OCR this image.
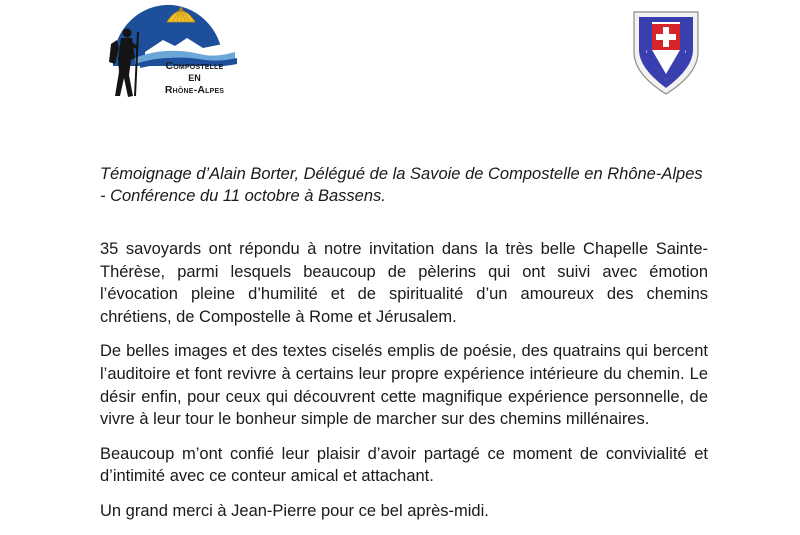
Compostelle
EN
Rhône-Alpes

Témoignage d’Alain Borter, Délégué de la Savoie de Compostelle en Rhône-Alpes - Conférence du 11 octobre à Bassens.

35 savoyards ont répondu à notre invitation dans la très belle Chapelle Sainte-Thérèse, parmi lesquels beaucoup de pèlerins qui ont suivi avec émotion l’évocation pleine d’humilité et de spiritualité d’un amoureux des chemins chrétiens, de Compostelle à Rome et Jérusalem.

De belles images et des textes ciselés emplis de poésie, des quatrains qui bercent l’auditoire et font revivre à certains leur propre expérience intérieure du chemin. Le désir enfin, pour ceux qui découvrent cette magnifique expérience personnelle, de vivre à leur tour le bonheur simple de marcher sur des chemins millénaires.

Beaucoup m’ont confié leur plaisir d’avoir partagé ce moment de convivialité et d’intimité avec ce conteur amical et attachant.

Un grand merci à Jean-Pierre pour ce bel après-midi.
